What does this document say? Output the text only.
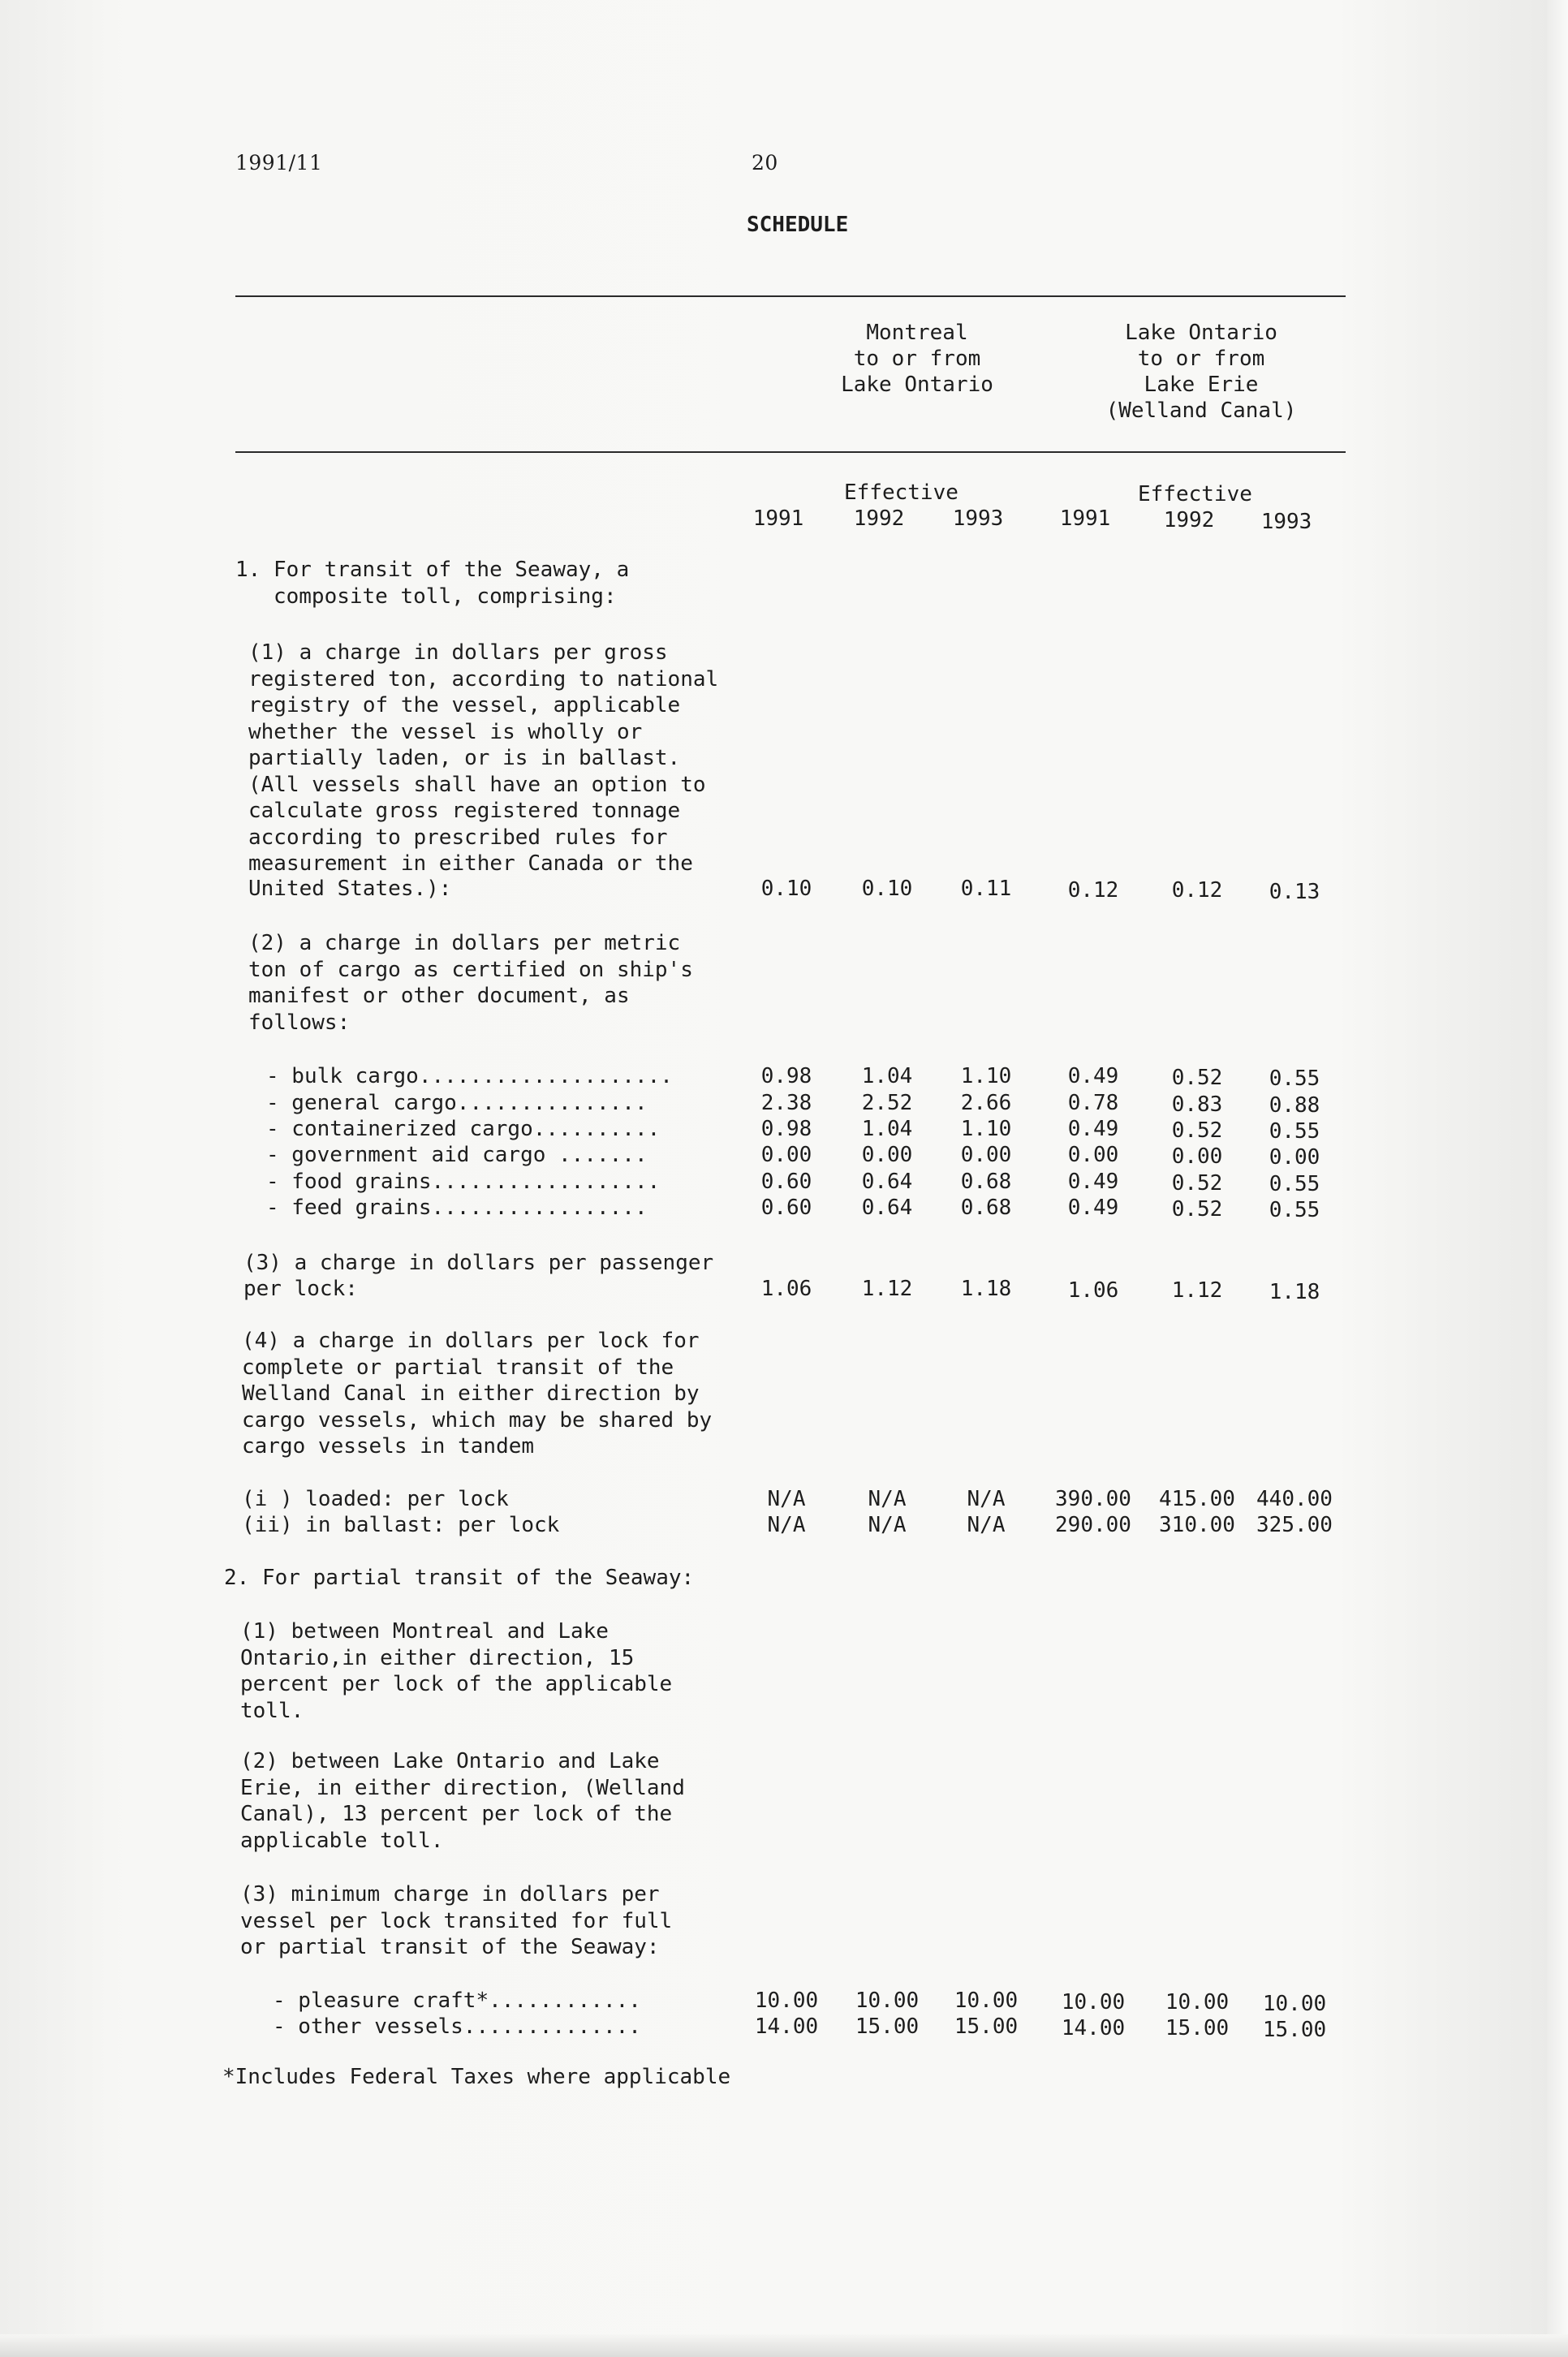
1991/11	20
SCHEDULE
Montreal
to or from
Lake Ontario
Lake Ontario
to or from
Lake Erie
(Welland Canal)
Effective	Effective
1991	1992	1993	1991	1992	1993
1. For transit of the Seaway, a
composite toll, comprising:
(1) a charge in dollars per gross
registered ton, according to national
registry of the vessel, applicable
whether the vessel is wholly or
partially laden, or is in ballast.
(All vessels shall have an option to
calculate gross registered tonnage
according to prescribed rules for
measurement in either Canada or the
United States.):	0.10	0.10	0.11	0.12	0.12	0.13
(2) a charge in dollars per metric
ton of cargo as certified on ship's
manifest or other document, as
follows:
- bulk cargo....................	0.98	1.04	1.10	0.49	0.52	0.55
- general cargo...............	2.38	2.52	2.66	0.78	0.83	0.88
- containerized cargo..........	0.98	1.04	1.10	0.49	0.52	0.55
- government aid cargo .......	0.00	0.00	0.00	0.00	0.00	0.00
- food grains..................	0.60	0.64	0.68	0.49	0.52	0.55
- feed grains.................	0.60	0.64	0.68	0.49	0.52	0.55
(3) a charge in dollars per passenger
per lock:	1.06	1.12	1.18	1.06	1.12	1.18
(4) a charge in dollars per lock for
complete or partial transit of the
Welland Canal in either direction by
cargo vessels, which may be shared by
cargo vessels in tandem
(i ) loaded: per lock	N/A	N/A	N/A	390.00	415.00	440.00
(ii) in ballast: per lock	N/A	N/A	N/A	290.00	310.00	325.00
2. For partial transit of the Seaway:
(1) between Montreal and Lake
Ontario,in either direction, 15
percent per lock of the applicable
toll.
(2) between Lake Ontario and Lake
Erie, in either direction, (Welland
Canal), 13 percent per lock of the
applicable toll.
(3) minimum charge in dollars per
vessel per lock transited for full
or partial transit of the Seaway:
- pleasure craft*............	10.00	10.00	10.00	10.00	10.00	10.00
- other vessels..............	14.00	15.00	15.00	14.00	15.00	15.00
*Includes Federal Taxes where applicable
